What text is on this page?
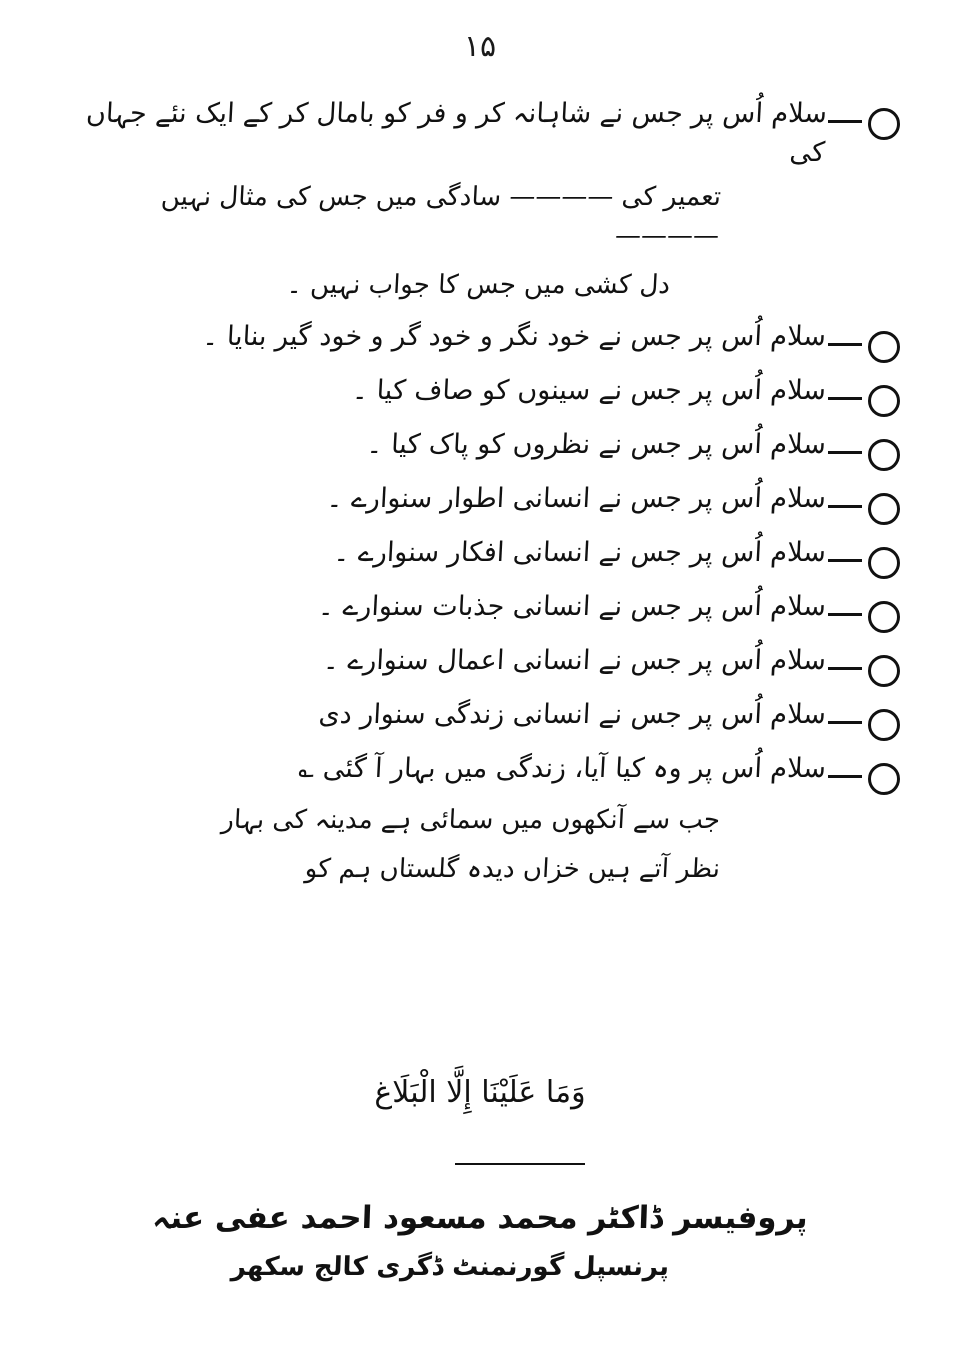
۱۵
سلام اُس پر جس نے شاہانہ کر و فر کو بامال کر کے ایک نئے جہاں کی
تعمیر کی ———— سادگی میں جس کی مثال نہیں ————
دل کشی میں جس کا جواب نہیں ۔
سلام اُس پر جس نے خود نگر و خود گر و خود گیر بنایا ۔
سلام اُس پر جس نے سینوں کو صاف کیا ۔
سلام اُس پر جس نے نظروں کو پاک کیا ۔
سلام اُس پر جس نے انسانی اطوار سنوارے ۔
سلام اُس پر جس نے انسانی افکار سنوارے ۔
سلام اُس پر جس نے انسانی جذبات سنوارے ۔
سلام اُس پر جس نے انسانی اعمال سنوارے ۔
سلام اُس پر جس نے انسانی زندگی سنوار دی
سلام اُس پر وہ کیا آیا، زندگی میں بہار آ گئی ؎
جب سے آنکھوں میں سمائی ہے مدینہ کی بہار
نظر آتے ہیں خزاں دیدہ گلستاں ہم کو
وَمَا عَلَيْنَا إِلَّا الْبَلَاغ
پروفیسر ڈاکٹر محمد مسعود احمد عفی عنہ
پرنسپل گورنمنٹ ڈگری کالج سکھر
